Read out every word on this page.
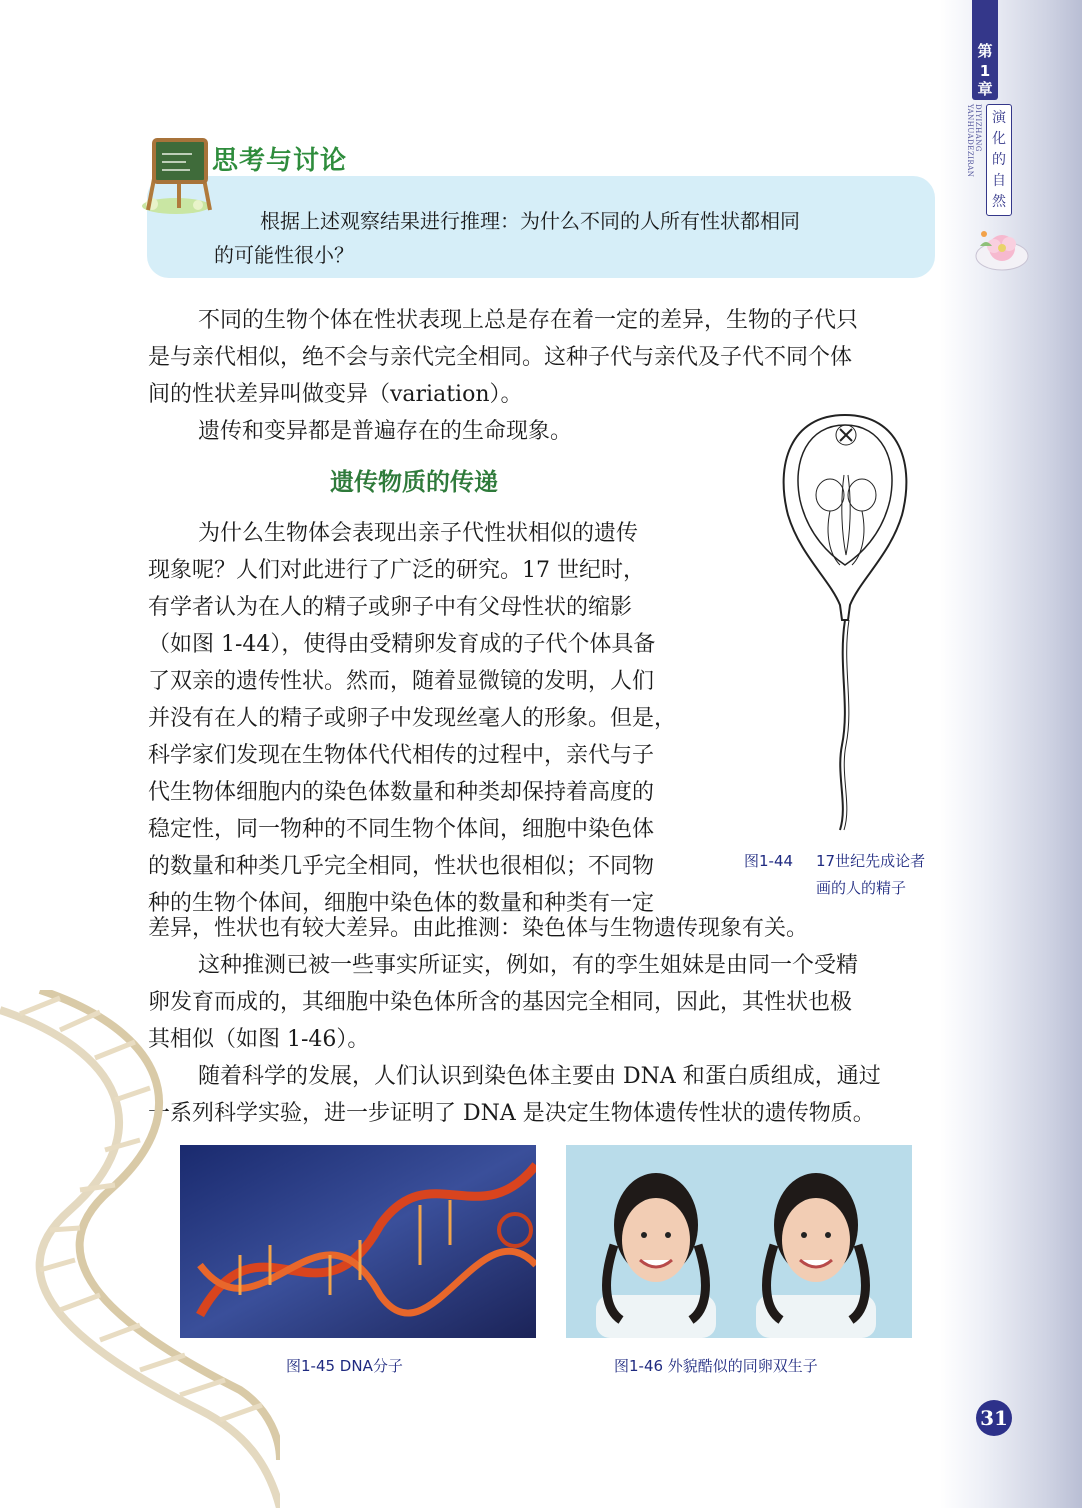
第
1
章
DIYIZHANG YANHUADEZIRAN	演
化
的
自
然
思考与讨论
根据上述观察结果进行推理：为什么不同的人所有性状都相同
的可能性很小？
不同的生物个体在性状表现上总是存在着一定的差异，生物的子代只
是与亲代相似，绝不会与亲代完全相同。这种子代与亲代及子代不同个体
间的性状差异叫做变异（variation）。
遗传和变异都是普遍存在的生命现象。
遗传物质的传递
为什么生物体会表现出亲子代性状相似的遗传
现象呢？人们对此进行了广泛的研究。17 世纪时，
有学者认为在人的精子或卵子中有父母性状的缩影
（如图 1-44），使得由受精卵发育成的子代个体具备
了双亲的遗传性状。然而，随着显微镜的发明，人们
并没有在人的精子或卵子中发现丝毫人的形象。但是，
科学家们发现在生物体代代相传的过程中，亲代与子
代生物体细胞内的染色体数量和种类却保持着高度的
稳定性，同一物种的不同生物个体间，细胞中染色体
的数量和种类几乎完全相同，性状也很相似；不同物
种的生物个体间，细胞中染色体的数量和种类有一定
差异，性状也有较大差异。由此推测：染色体与生物遗传现象有关。
这种推测已被一些事实所证实，例如，有的孪生姐妹是由同一个受精
卵发育而成的，其细胞中染色体所含的基因完全相同，因此，其性状也极
其相似（如图 1-46）。
随着科学的发展，人们认识到染色体主要由 DNA 和蛋白质组成，通过
一系列科学实验，进一步证明了 DNA 是决定生物体遗传性状的遗传物质。
图1-44 17世纪先成论者
画的人的精子
图1-45 DNA分子	图1-46 外貌酷似的同卵双生子
31
